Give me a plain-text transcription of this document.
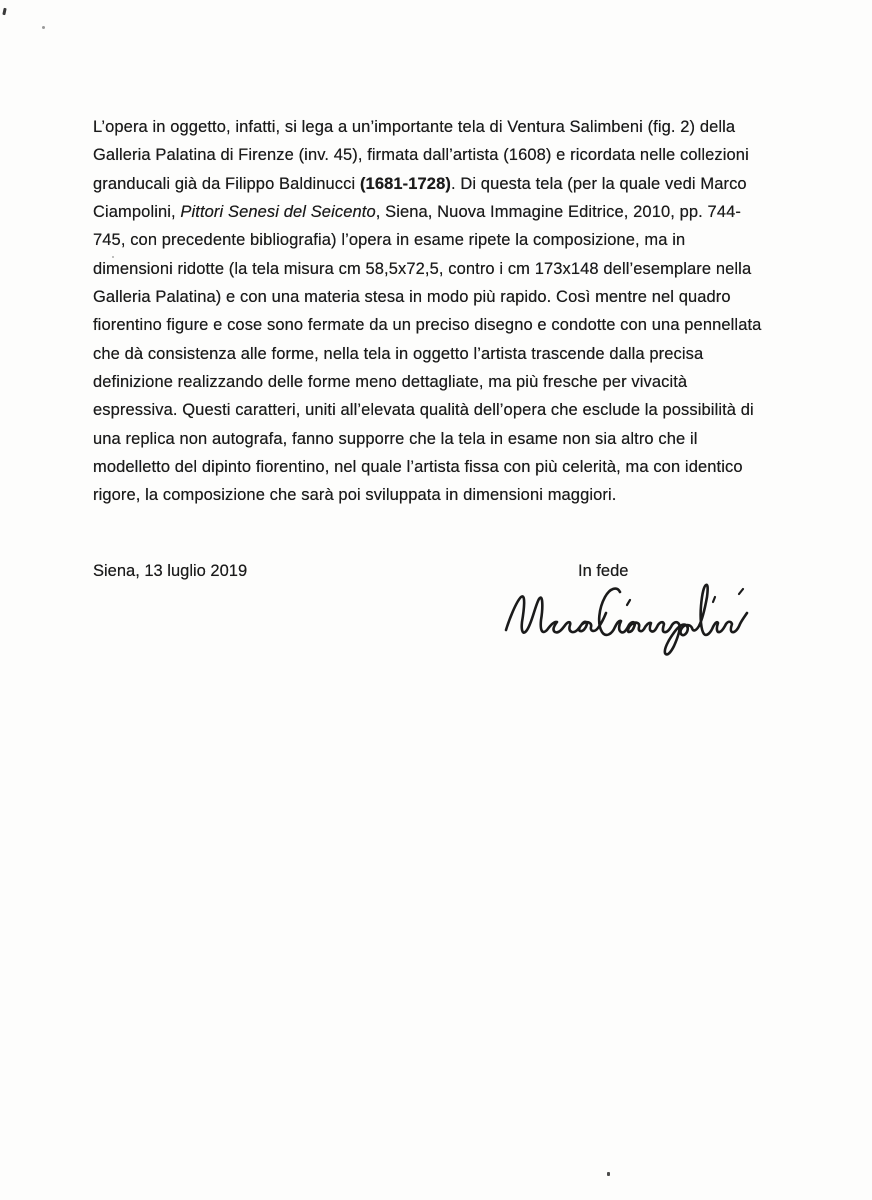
L’opera in oggetto, infatti, si lega a un’importante tela di Ventura Salimbeni (fig. 2) della
Galleria Palatina di Firenze (inv. 45), firmata dall’artista (1608) e ricordata nelle collezioni
granducali già da Filippo Baldinucci (1681-1728). Di questa tela (per la quale vedi Marco
Ciampolini, Pittori Senesi del Seicento, Siena, Nuova Immagine Editrice, 2010, pp. 744-
745, con precedente bibliografia) l’opera in esame ripete la composizione, ma in
dimensioni ridotte (la tela misura cm 58,5x72,5, contro i cm 173x148 dell’esemplare nella
Galleria Palatina) e con una materia stesa in modo più rapido. Così mentre nel quadro
fiorentino figure e cose sono fermate da un preciso disegno e condotte con una pennellata
che dà consistenza alle forme, nella tela in oggetto l’artista trascende dalla precisa
definizione realizzando delle forme meno dettagliate, ma più fresche per vivacità
espressiva. Questi caratteri, uniti all’elevata qualità dell’opera che esclude la possibilità di
una replica non autografa, fanno supporre che la tela in esame non sia altro che il
modelletto del dipinto fiorentino, nel quale l’artista fissa con più celerità, ma con identico
rigore, la composizione che sarà poi sviluppata in dimensioni maggiori.
Siena, 13 luglio 2019	In fede
